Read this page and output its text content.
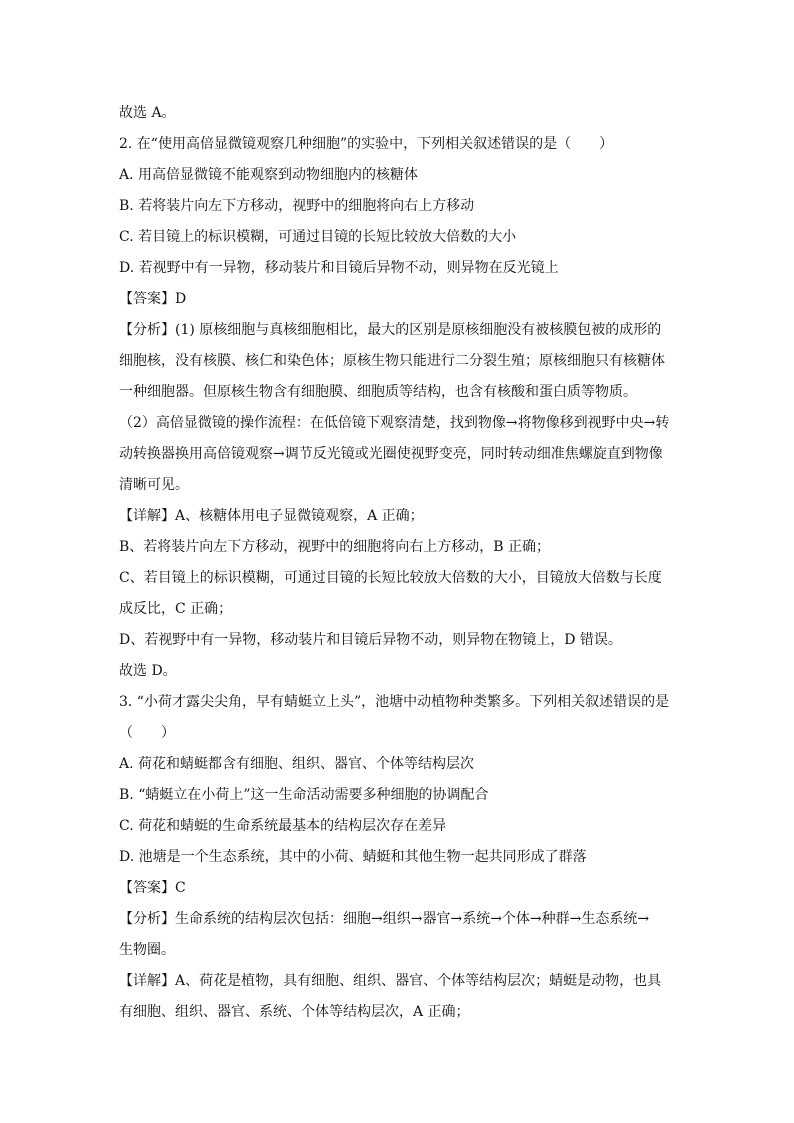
故选 A。
2. 在“使用高倍显微镜观察几种细胞”的实验中，下列相关叙述错误的是（　　）
A. 用高倍显微镜不能观察到动物细胞内的核糖体
B. 若将装片向左下方移动，视野中的细胞将向右上方移动
C. 若目镜上的标识模糊，可通过目镜的长短比较放大倍数的大小
D. 若视野中有一异物，移动装片和目镜后异物不动，则异物在反光镜上
【答案】D
【分析】(1) 原核细胞与真核细胞相比，最大的区别是原核细胞没有被核膜包被的成形的
细胞核，没有核膜、核仁和染色体；原核生物只能进行二分裂生殖；原核细胞只有核糖体
一种细胞器。但原核生物含有细胞膜、细胞质等结构，也含有核酸和蛋白质等物质。
（2）高倍显微镜的操作流程：在低倍镜下观察清楚，找到物像→将物像移到视野中央→转
动转换器换用高倍镜观察→调节反光镜或光圈使视野变亮，同时转动细准焦螺旋直到物像
清晰可见。
【详解】A、核糖体用电子显微镜观察，A 正确；
B、若将装片向左下方移动，视野中的细胞将向右上方移动，B 正确；
C、若目镜上的标识模糊，可通过目镜的长短比较放大倍数的大小，目镜放大倍数与长度
成反比，C 正确；
D、若视野中有一异物，移动装片和目镜后异物不动，则异物在物镜上，D 错误。
故选 D。
3. “小荷才露尖尖角，早有蜻蜓立上头”，池塘中动植物种类繁多。下列相关叙述错误的是
（　　）
A. 荷花和蜻蜓都含有细胞、组织、器官、个体等结构层次
B. “蜻蜓立在小荷上”这一生命活动需要多种细胞的协调配合
C. 荷花和蜻蜓的生命系统最基本的结构层次存在差异
D. 池塘是一个生态系统，其中的小荷、蜻蜓和其他生物一起共同形成了群落
【答案】C
【分析】生命系统的结构层次包括：细胞→组织→器官→系统→个体→种群→生态系统→
生物圈。
【详解】A、荷花是植物，具有细胞、组织、器官、个体等结构层次；蜻蜓是动物，也具
有细胞、组织、器官、系统、个体等结构层次，A 正确；
